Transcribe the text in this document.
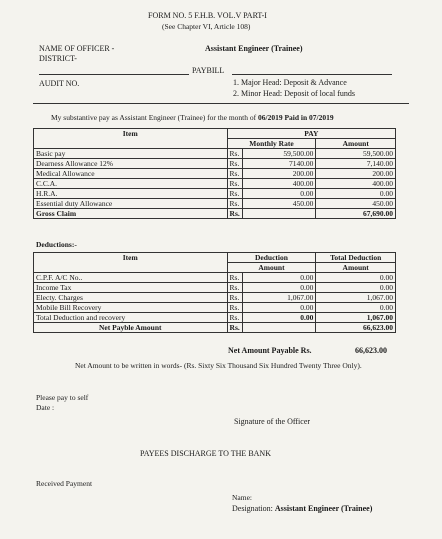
FORM NO. 5 F.H.B. VOL.V PART-I
(See Chapter VI, Article 108)
NAME OF OFFICER -	Assistant Engineer (Trainee)
DISTRICT-
PAYBILL
AUDIT NO.	1. Major Head: Deposit & Advance
2. Minor Head: Deposit of local funds
My substantive pay as Assistant Engineer (Trainee) for the month of 06/2019 Paid in 07/2019
Item	PAY		
	Monthly Rate		Amount
Basic pay	Rs.	59,500.00	59,500.00
Dearness Allowance 12%	Rs.	7140.00	7,140.00
Medical Allowance	Rs.	200.00	200.00
C.C.A.	Rs.	400.00	400.00
H.R.A.	Rs.	0.00	0.00
Essential duty Allowance	Rs.	450.00	450.00
Gross Claim	Rs.		67,690.00
Deductions:-
Item	Deduction		Total Deduction
	Amount		Amount
C.P.F. A/C No..	Rs.	0.00	0.00
Income Tax	Rs.	0.00	0.00
Electy. Charges	Rs.	1,067.00	1,067.00
Mobile Bill Recovery	Rs.	0.00	0.00
Total Deduction and recovery	Rs.	0.00	1,067.00
Net Payble Amount	Rs.		66,623.00
Net Amount Payable Rs.	66,623.00
Net Amount to be written in words- (Rs. Sixty Six Thousand Six Hundred Twenty Three Only).
Please pay to self
Date :
Signature of the Officer
PAYEES DISCHARGE TO THE BANK
Received Payment
Name:
Designation: Assistant Engineer (Trainee)
